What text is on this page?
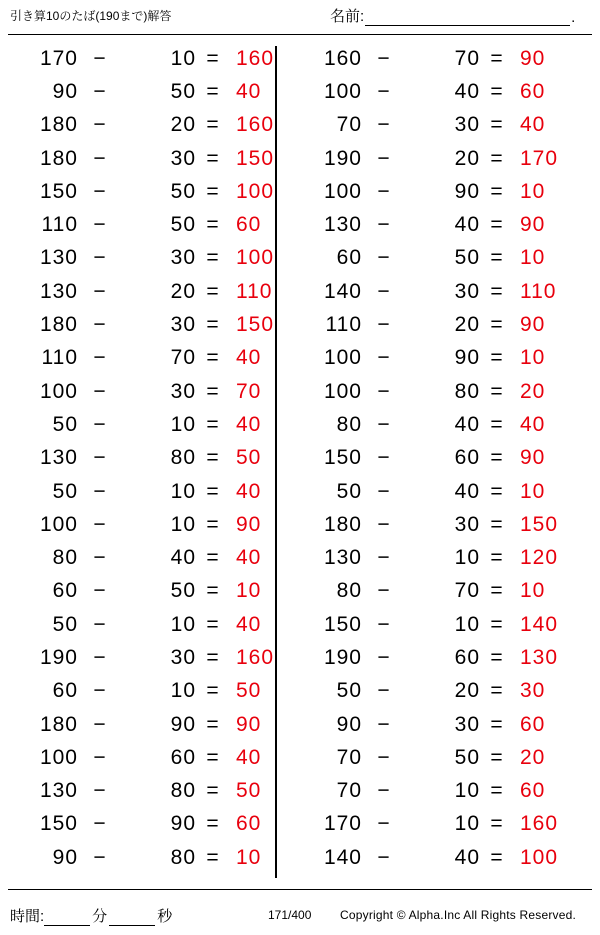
引き算10のたば(190まで)解答	名前:	.
170 −	10 = 160
90 −	50 = 40
180 −	20 = 160
180 −	30 = 150
150 −	50 = 100
110 −	50 = 60
130 −	30 = 100
130 −	20 = 110
180 −	30 = 150
110 −	70 = 40
100 −	30 = 70
50 −	10 = 40
130 −	80 = 50
50 −	10 = 40
100 −	10 = 90
80 −	40 = 40
60 −	50 = 10
50 −	10 = 40
190 −	30 = 160
60 −	10 = 50
180 −	90 = 90
100 −	60 = 40
130 −	80 = 50
150 −	90 = 60
90 −	80 = 10
160 −	70 = 90
100 −	40 = 60
70 −	30 = 40
190 −	20 = 170
100 −	90 = 10
130 −	40 = 90
60 −	50 = 10
140 −	30 = 110
110 −	20 = 90
100 −	90 = 10
100 −	80 = 20
80 −	40 = 40
150 −	60 = 90
50 −	40 = 10
180 −	30 = 150
130 −	10 = 120
80 −	70 = 10
150 −	10 = 140
190 −	60 = 130
50 −	20 = 30
90 −	30 = 60
70 −	50 = 20
70 −	10 = 60
170 −	10 = 160
140 −	40 = 100
時間:	分	秒	171/400 Copyright © Alpha.Inc All Rights Reserved.
